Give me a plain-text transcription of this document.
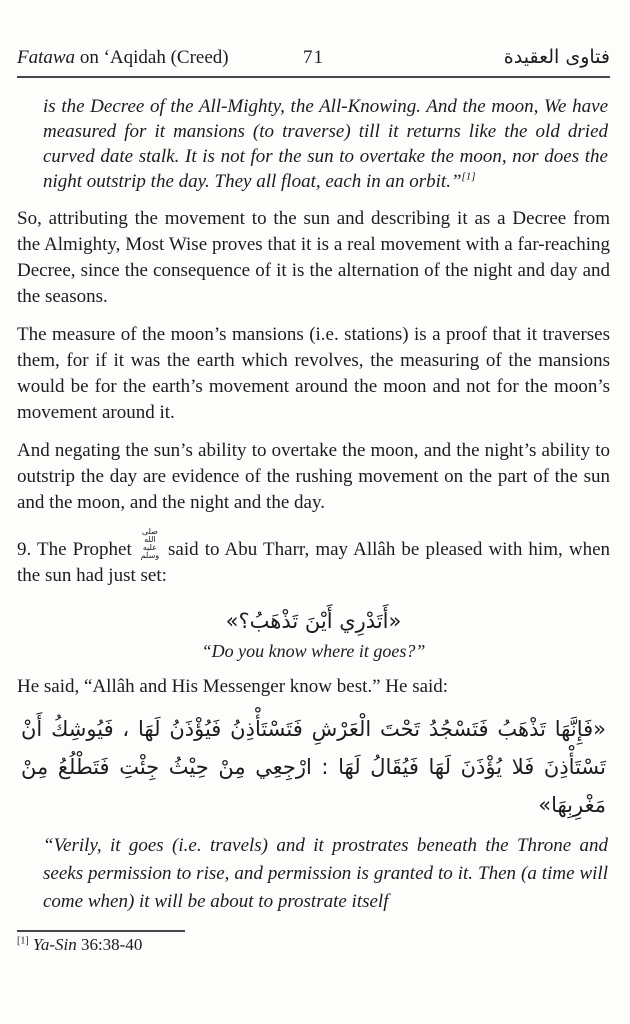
Fatawa on ‘Aqidah (Creed)	71	فتاوى العقيدة
is the Decree of the All-Mighty, the All-Knowing. And the moon, We have measured for it mansions (to traverse) till it returns like the old dried curved date stalk. It is not for the sun to overtake the moon, nor does the night outstrip the day. They all float, each in an orbit.”[1]

So, attributing the movement to the sun and describing it as a Decree from the Almighty, Most Wise proves that it is a real movement with a far-reaching Decree, since the consequence of it is the alternation of the night and day and the seasons.

The measure of the moon’s mansions (i.e. stations) is a proof that it traverses them, for if it was the earth which revolves, the measuring of the mansions would be for the earth’s movement around the moon and not for the moon’s movement around it.

And negating the sun’s ability to overtake the moon, and the night’s ability to outstrip the day are evidence of the rushing movement on the part of the sun and the moon, and the night and the day.

9. The Prophet صلى الله عليه وسلم said to Abu Tharr, may Allâh be pleased with him, when the sun had just set:

«أَتَدْرِي أَيْنَ تَذْهَبُ؟»
“Do you know where it goes?”

He said, “Allâh and His Messenger know best.” He said:

«فَإِنَّهَا تَذْهَبُ فَتَسْجُدُ تَحْتَ الْعَرْشِ فَتَسْتَأْذِنُ فَيُؤْذَنُ لَهَا ، فَيُوشِكُ أَنْ تَسْتَأْذِنَ فَلا يُؤْذَنَ لَهَا فَيُقَالُ لَهَا : ارْجِعِي مِنْ حِيْثُ جِئْتِ فَتَطْلُعُ مِنْ مَغْرِبِهَا»
“Verily, it goes (i.e. travels) and it prostrates beneath the Throne and seeks permission to rise, and permission is granted to it. Then (a time will come when) it will be about to prostrate itself
[1] Ya-Sin 36:38-40
